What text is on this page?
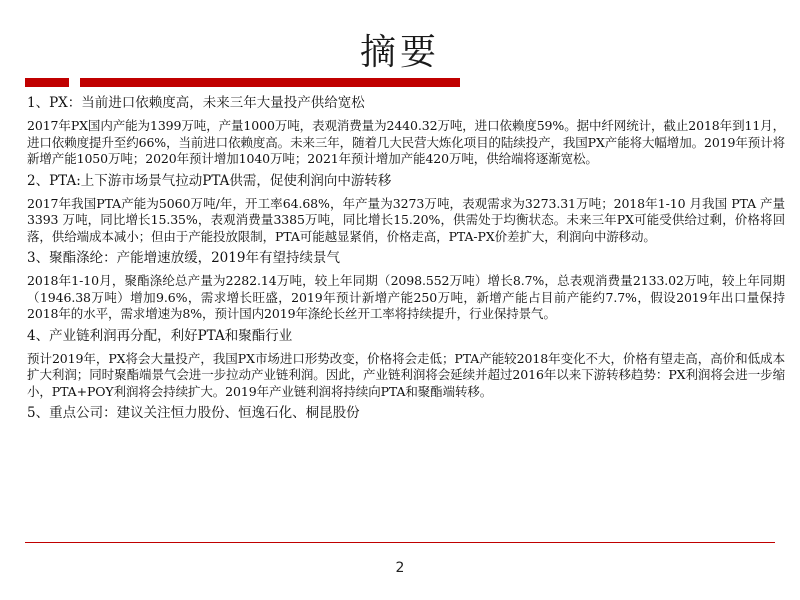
摘要
1、PX：当前进口依赖度高，未来三年大量投产供给宽松
2017年PX国内产能为1399万吨，产量1000万吨，表观消费量为2440.32万吨，进口依赖度59%。据中纤网统计，截止2018年到11月，进口依赖度提升至约66%，当前进口依赖度高。未来三年，随着几大民营大炼化项目的陆续投产，我国PX产能将大幅增加。2019年预计将新增产能1050万吨；2020年预计增加1040万吨；2021年预计增加产能420万吨，供给端将逐渐宽松。
2、PTA:上下游市场景气拉动PTA供需，促使利润向中游转移
2017年我国PTA产能为5060万吨/年，开工率64.68%，年产量为3273万吨，表观需求为3273.31万吨；2018年1-10 月我国 PTA 产量 3393 万吨，同比增长15.35%，表观消费量3385万吨，同比增长15.20%，供需处于均衡状态。未来三年PX可能受供给过剩，价格将回落，供给端成本减小；但由于产能投放限制，PTA可能越显紧俏，价格走高，PTA-PX价差扩大，利润向中游移动。
3、聚酯涤纶：产能增速放缓，2019年有望持续景气
2018年1-10月，聚酯涤纶总产量为2282.14万吨，较上年同期（2098.552万吨）增长8.7%，总表观消费量2133.02万吨，较上年同期（1946.38万吨）增加9.6%，需求增长旺盛，2019年预计新增产能250万吨，新增产能占目前产能约7.7%，假设2019年出口量保持2018年的水平，需求增速为8%，预计国内2019年涤纶长丝开工率将持续提升，行业保持景气。
4、产业链利润再分配，利好PTA和聚酯行业
预计2019年，PX将会大量投产，我国PX市场进口形势改变，价格将会走低；PTA产能较2018年变化不大，价格有望走高，高价和低成本扩大利润；同时聚酯端景气会进一步拉动产业链利润。因此，产业链利润将会延续并超过2016年以来下游转移趋势：PX利润将会进一步缩小，PTA+POY利润将会持续扩大。2019年产业链利润将持续向PTA和聚酯端转移。
5、重点公司：建议关注恒力股份、恒逸石化、桐昆股份
2
